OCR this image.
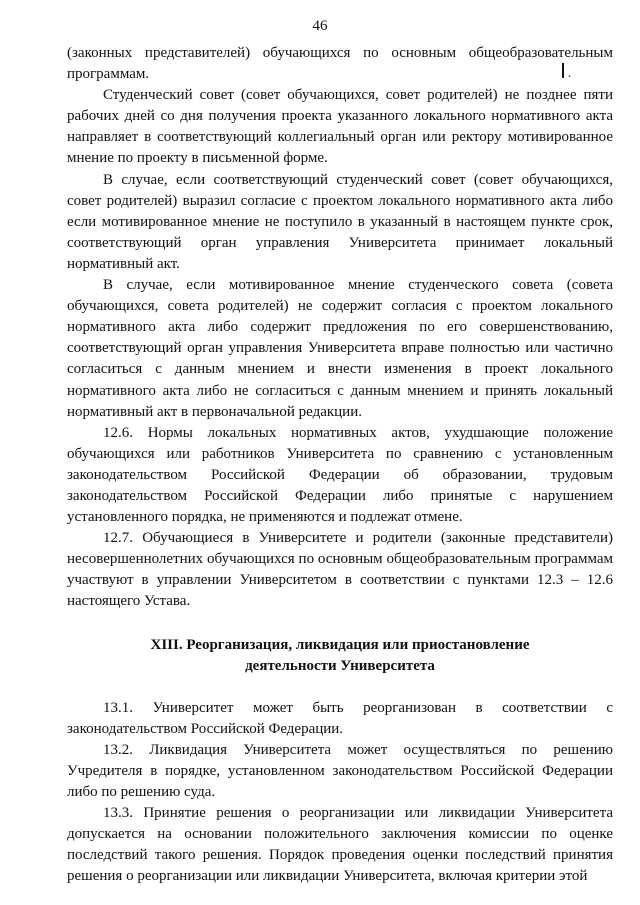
46
.

(законных представителей) обучающихся по основным общеобразовательным программам.

Студенческий совет (совет обучающихся, совет родителей) не позднее пяти рабочих дней со дня получения проекта указанного локального нормативного акта направляет в соответствующий коллегиальный орган или ректору мотивированное мнение по проекту в письменной форме.

В случае, если соответствующий студенческий совет (совет обучающихся, совет родителей) выразил согласие с проектом локального нормативного акта либо если мотивированное мнение не поступило в указанный в настоящем пункте срок, соответствующий орган управления Университета принимает локальный нормативный акт.

В случае, если мотивированное мнение студенческого совета (совета обучающихся, совета родителей) не содержит согласия с проектом локального нормативного акта либо содержит предложения по его совершенствованию, соответствующий орган управления Университета вправе полностью или частично согласиться с данным мнением и внести изменения в проект локального нормативного акта либо не согласиться с данным мнением и принять локальный нормативный акт в первоначальной редакции.

12.6. Нормы локальных нормативных актов, ухудшающие положение обучающихся или работников Университета по сравнению с установленным законодательством Российской Федерации об образовании, трудовым законодательством Российской Федерации либо принятые с нарушением установленного порядка, не применяются и подлежат отмене.

12.7. Обучающиеся в Университете и родители (законные представители) несовершеннолетних обучающихся по основным общеобразовательным программам участвуют в управлении Университетом в соответствии с пунктами 12.3 – 12.6 настоящего Устава.

XIII. Реорганизация, ликвидация или приостановление
деятельности Университета

13.1. Университет может быть реорганизован в соответствии с законодательством Российской Федерации.

13.2. Ликвидация Университета может осуществляться по решению Учредителя в порядке, установленном законодательством Российской Федерации либо по решению суда.

13.3. Принятие решения о реорганизации или ликвидации Университета допускается на основании положительного заключения комиссии по оценке последствий такого решения. Порядок проведения оценки последствий принятия решения о реорганизации или ликвидации Университета, включая критерии этой
